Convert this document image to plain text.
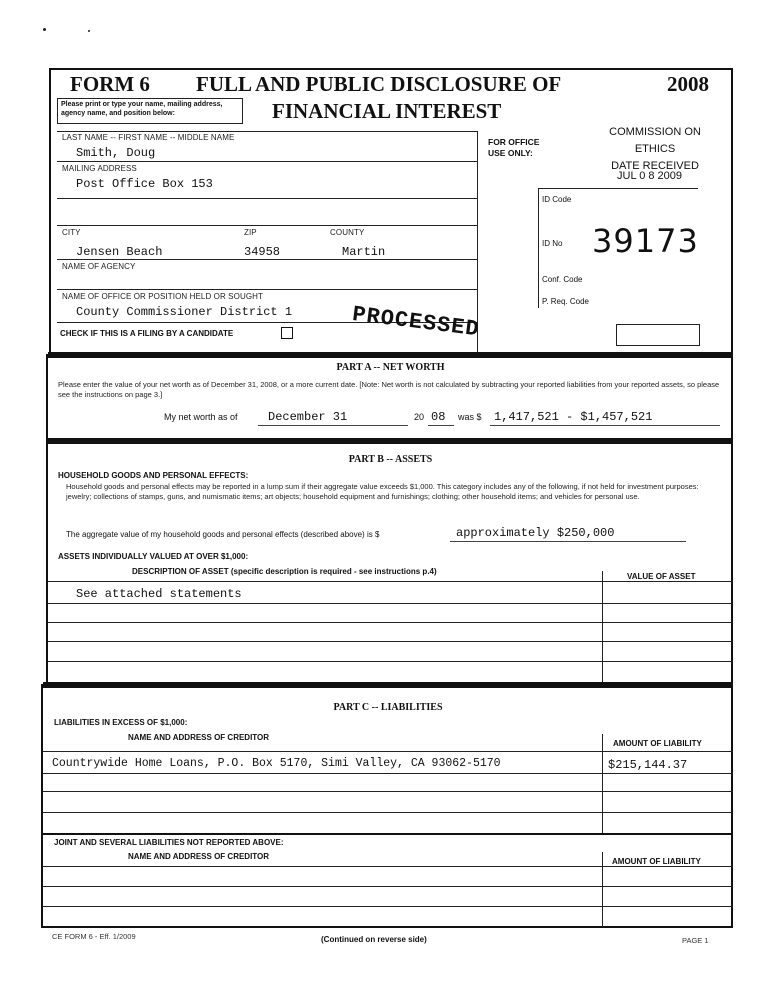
FORM 6 FULL AND PUBLIC DISCLOSURE OF	2008
FINANCIAL INTEREST
Please print or type your name, mailing address, agency name, and position below:
LAST NAME -- FIRST NAME -- MIDDLE NAME
Smith, Doug
MAILING ADDRESS
Post Office Box 153
CITY	ZIP	COUNTY
Jensen Beach	34958	Martin
NAME OF AGENCY
NAME OF OFFICE OR POSITION HELD OR SOUGHT
County Commissioner District 1
CHECK IF THIS IS A FILING BY A CANDIDATE	PROCESSED
FOR OFFICE
USE ONLY:
COMMISSION ON ETHICS
DATE RECEIVED
JUL 0 8 2009
ID Code
ID No 39173
Conf. Code
P. Req. Code
PART A -- NET WORTH
Please enter the value of your net worth as of December 31, 2008, or a more current date. [Note: Net worth is not calculated by subtracting your reported liabilities from your reported assets, so please see the instructions on page 3.]
My net worth as of	December 31	20 08 was $ 1,417,521 - $1,457,521
PART B -- ASSETS
HOUSEHOLD GOODS AND PERSONAL EFFECTS:
Household goods and personal effects may be reported in a lump sum if their aggregate value exceeds $1,000. This category includes any of the following, if not held for investment purposes: jewelry; collections of stamps, guns, and numismatic items; art objects; household equipment and furnishings; clothing; other household items; and vehicles for personal use.
The aggregate value of my household goods and personal effects (described above) is $	approximately $250,000
ASSETS INDIVIDUALLY VALUED AT OVER $1,000:
DESCRIPTION OF ASSET (specific description is required - see instructions p.4)
VALUE OF ASSET
See attached statements
PART C -- LIABILITIES
LIABILITIES IN EXCESS OF $1,000:
NAME AND ADDRESS OF CREDITOR
AMOUNT OF LIABILITY
Countrywide Home Loans, P.O. Box 5170, Simi Valley, CA 93062-5170	$215,144.37
JOINT AND SEVERAL LIABILITIES NOT REPORTED ABOVE:
NAME AND ADDRESS OF CREDITOR
AMOUNT OF LIABILITY
CE FORM 6 - Eff. 1/2009	(Continued on reverse side)	PAGE 1
